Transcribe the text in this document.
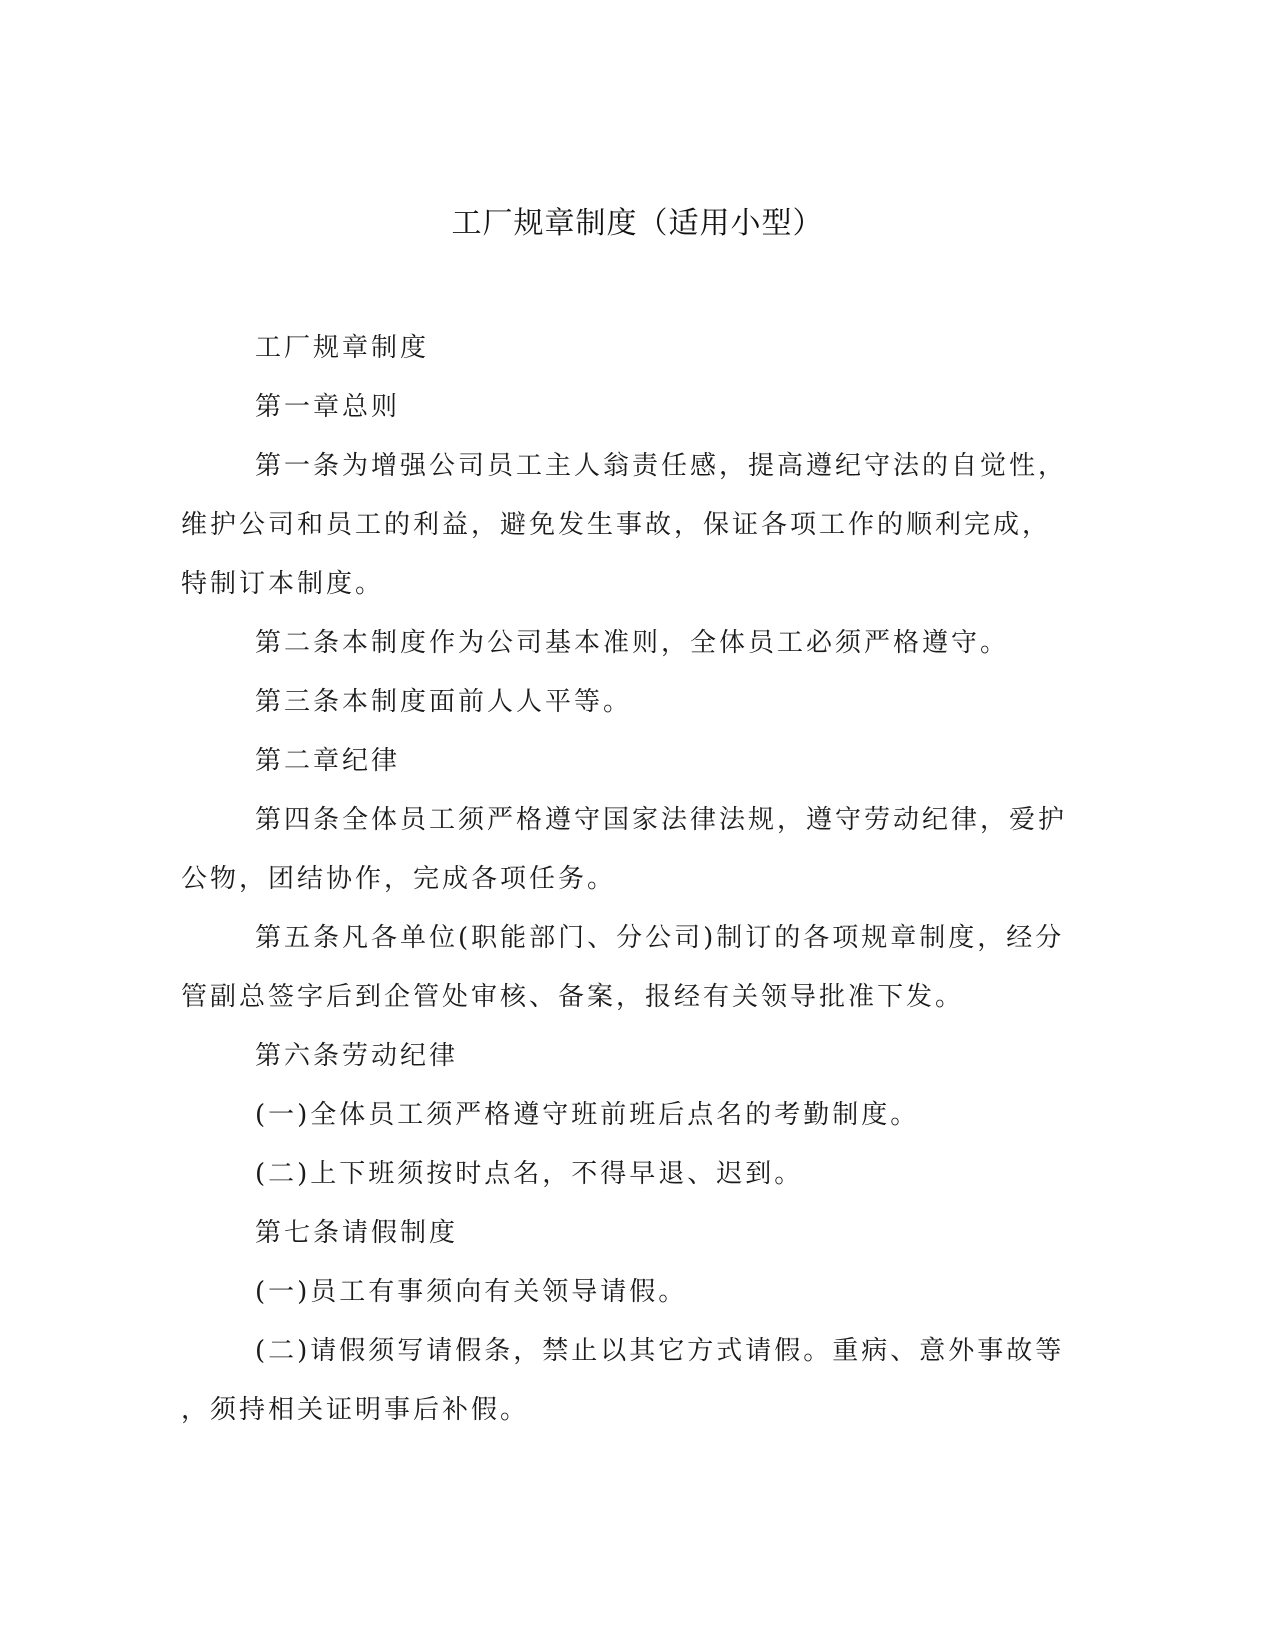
工厂规章制度（适用小型）
工厂规章制度
第一章总则
第一条为增强公司员工主人翁责任感，提高遵纪守法的自觉性，
维护公司和员工的利益，避免发生事故，保证各项工作的顺利完成，
特制订本制度。
第二条本制度作为公司基本准则，全体员工必须严格遵守。
第三条本制度面前人人平等。
第二章纪律
第四条全体员工须严格遵守国家法律法规，遵守劳动纪律，爱护
公物，团结协作，完成各项任务。
第五条凡各单位(职能部门、分公司)制订的各项规章制度，经分
管副总签字后到企管处审核、备案，报经有关领导批准下发。
第六条劳动纪律
(一)全体员工须严格遵守班前班后点名的考勤制度。
(二)上下班须按时点名，不得早退、迟到。
第七条请假制度
(一)员工有事须向有关领导请假。
(二)请假须写请假条，禁止以其它方式请假。重病、意外事故等
，须持相关证明事后补假。
